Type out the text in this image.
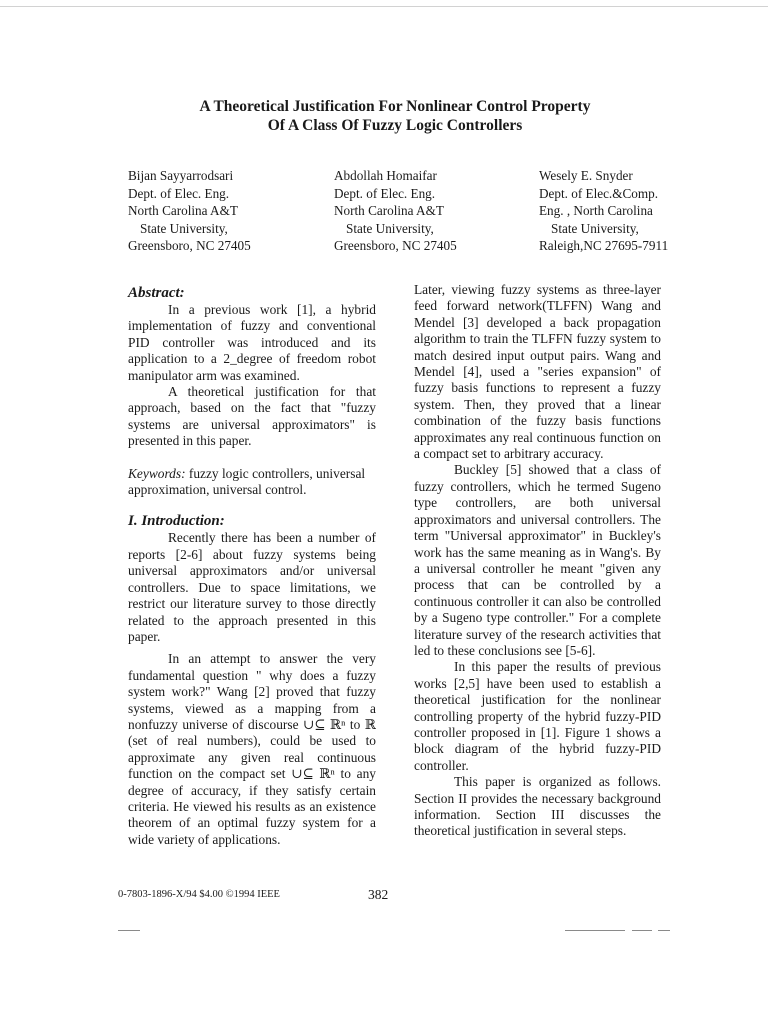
A Theoretical Justification For Nonlinear Control Property
Of A Class Of Fuzzy Logic Controllers
Bijan Sayyarrodsari
Dept. of Elec. Eng.
North Carolina A&T
State University,
Greensboro, NC 27405
Abdollah Homaifar
Dept. of Elec. Eng.
North Carolina A&T
State University,
Greensboro, NC 27405
Wesely E. Snyder
Dept. of Elec.&Comp.
Eng. , North Carolina
State University,
Raleigh,NC 27695-7911
Abstract:

In a previous work [1], a hybrid implementation of fuzzy and conventional PID controller was introduced and its application to a 2_degree of freedom robot manipulator arm was examined.

A theoretical justification for that approach, based on the fact that "fuzzy systems are universal approximators" is presented in this paper.

Keywords: fuzzy logic controllers, universal approximation, universal control.

I. Introduction:

Recently there has been a number of reports [2-6] about fuzzy systems being universal approximators and/or universal controllers. Due to space limitations, we restrict our literature survey to those directly related to the approach presented in this paper.

In an attempt to answer the very fundamental question " why does a fuzzy system work?" Wang [2] proved that fuzzy systems, viewed as a mapping from a nonfuzzy universe of discourse ∪⊆ ℝⁿ to ℝ (set of real numbers), could be used to approximate any given real continuous function on the compact set ∪⊆ ℝⁿ to any degree of accuracy, if they satisfy certain criteria. He viewed his results as an existence theorem of an optimal fuzzy system for a wide variety of applications.

Later, viewing fuzzy systems as three-layer feed forward network(TLFFN) Wang and Mendel [3] developed a back propagation algorithm to train the TLFFN fuzzy system to match desired input output pairs. Wang and Mendel [4], used a "series expansion" of fuzzy basis functions to represent a fuzzy system. Then, they proved that a linear combination of the fuzzy basis functions approximates any real continuous function on a compact set to arbitrary accuracy.

Buckley [5] showed that a class of fuzzy controllers, which he termed Sugeno type controllers, are both universal approximators and universal controllers. The term "Universal approximator" in Buckley's work has the same meaning as in Wang's. By a universal controller he meant "given any process that can be controlled by a continuous controller it can also be controlled by a Sugeno type controller." For a complete literature survey of the research activities that led to these conclusions see [5-6].

In this paper the results of previous works [2,5] have been used to establish a theoretical justification for the nonlinear controlling property of the hybrid fuzzy-PID controller proposed in [1]. Figure 1 shows a block diagram of the hybrid fuzzy-PID controller.

This paper is organized as follows. Section II provides the necessary background information. Section III discusses the theoretical justification in several steps.

0-7803-1896-X/94 $4.00 ©1994 IEEE	382
